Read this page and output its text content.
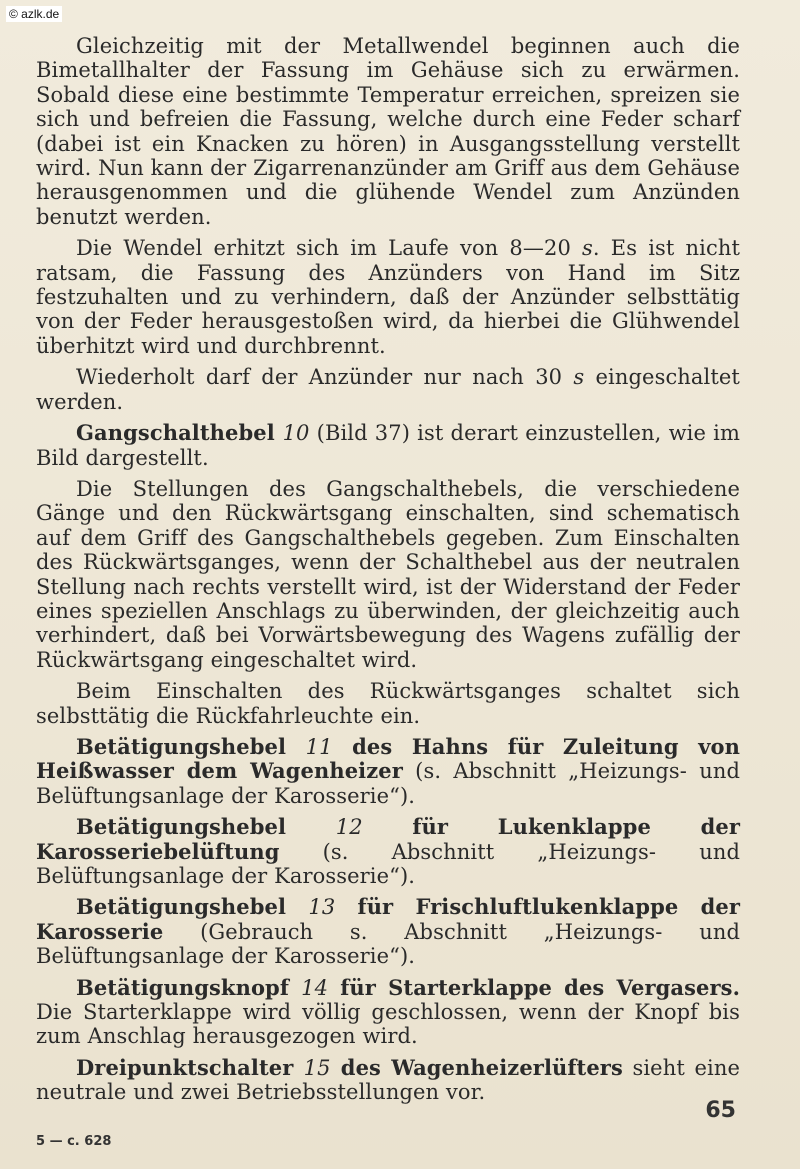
© azlk.de

Gleichzeitig mit der Metallwendel beginnen auch die Bimetallhalter der Fassung im Gehäuse sich zu erwärmen. Sobald diese eine bestimmte Temperatur erreichen, spreizen sie sich und befreien die Fassung, welche durch eine Feder scharf (dabei ist ein Knacken zu hören) in Ausgangsstellung verstellt wird. Nun kann der Zigarrenanzünder am Griff aus dem Gehäuse herausgenommen und die glühende Wendel zum Anzünden benutzt werden.

Die Wendel erhitzt sich im Laufe von 8—20 s. Es ist nicht ratsam, die Fassung des Anzünders von Hand im Sitz festzuhalten und zu verhindern, daß der Anzünder selbsttätig von der Feder herausgestoßen wird, da hierbei die Glühwendel überhitzt wird und durchbrennt.

Wiederholt darf der Anzünder nur nach 30 s eingeschaltet werden.

Gangschalthebel 10 (Bild 37) ist derart einzustellen, wie im Bild dargestellt.

Die Stellungen des Gangschalthebels, die verschiedene Gänge und den Rückwärtsgang einschalten, sind schematisch auf dem Griff des Gangschalthebels gegeben. Zum Einschalten des Rückwärtsganges, wenn der Schalthebel aus der neutralen Stellung nach rechts verstellt wird, ist der Widerstand der Feder eines speziellen Anschlags zu überwinden, der gleichzeitig auch verhindert, daß bei Vorwärtsbewegung des Wagens zufällig der Rückwärtsgang eingeschaltet wird.

Beim Einschalten des Rückwärtsganges schaltet sich selbsttätig die Rückfahrleuchte ein.

Betätigungshebel 11 des Hahns für Zuleitung von Heißwasser dem Wagenheizer (s. Abschnitt „Heizungs- und Belüftungsanlage der Karosserie“).

Betätigungshebel 12 für Lukenklappe der Karosseriebelüftung (s. Abschnitt „Heizungs- und Belüftungsanlage der Karosserie“).

Betätigungshebel 13 für Frischluftlukenklappe der Karosserie (Gebrauch s. Abschnitt „Heizungs- und Belüftungsanlage der Karosserie“).

Betätigungsknopf 14 für Starterklappe des Vergasers. Die Starterklappe wird völlig geschlossen, wenn der Knopf bis zum Anschlag herausgezogen wird.

Dreipunktschalter 15 des Wagenheizerlüfters sieht eine neutrale und zwei Betriebsstellungen vor.

65
5 — c. 628
